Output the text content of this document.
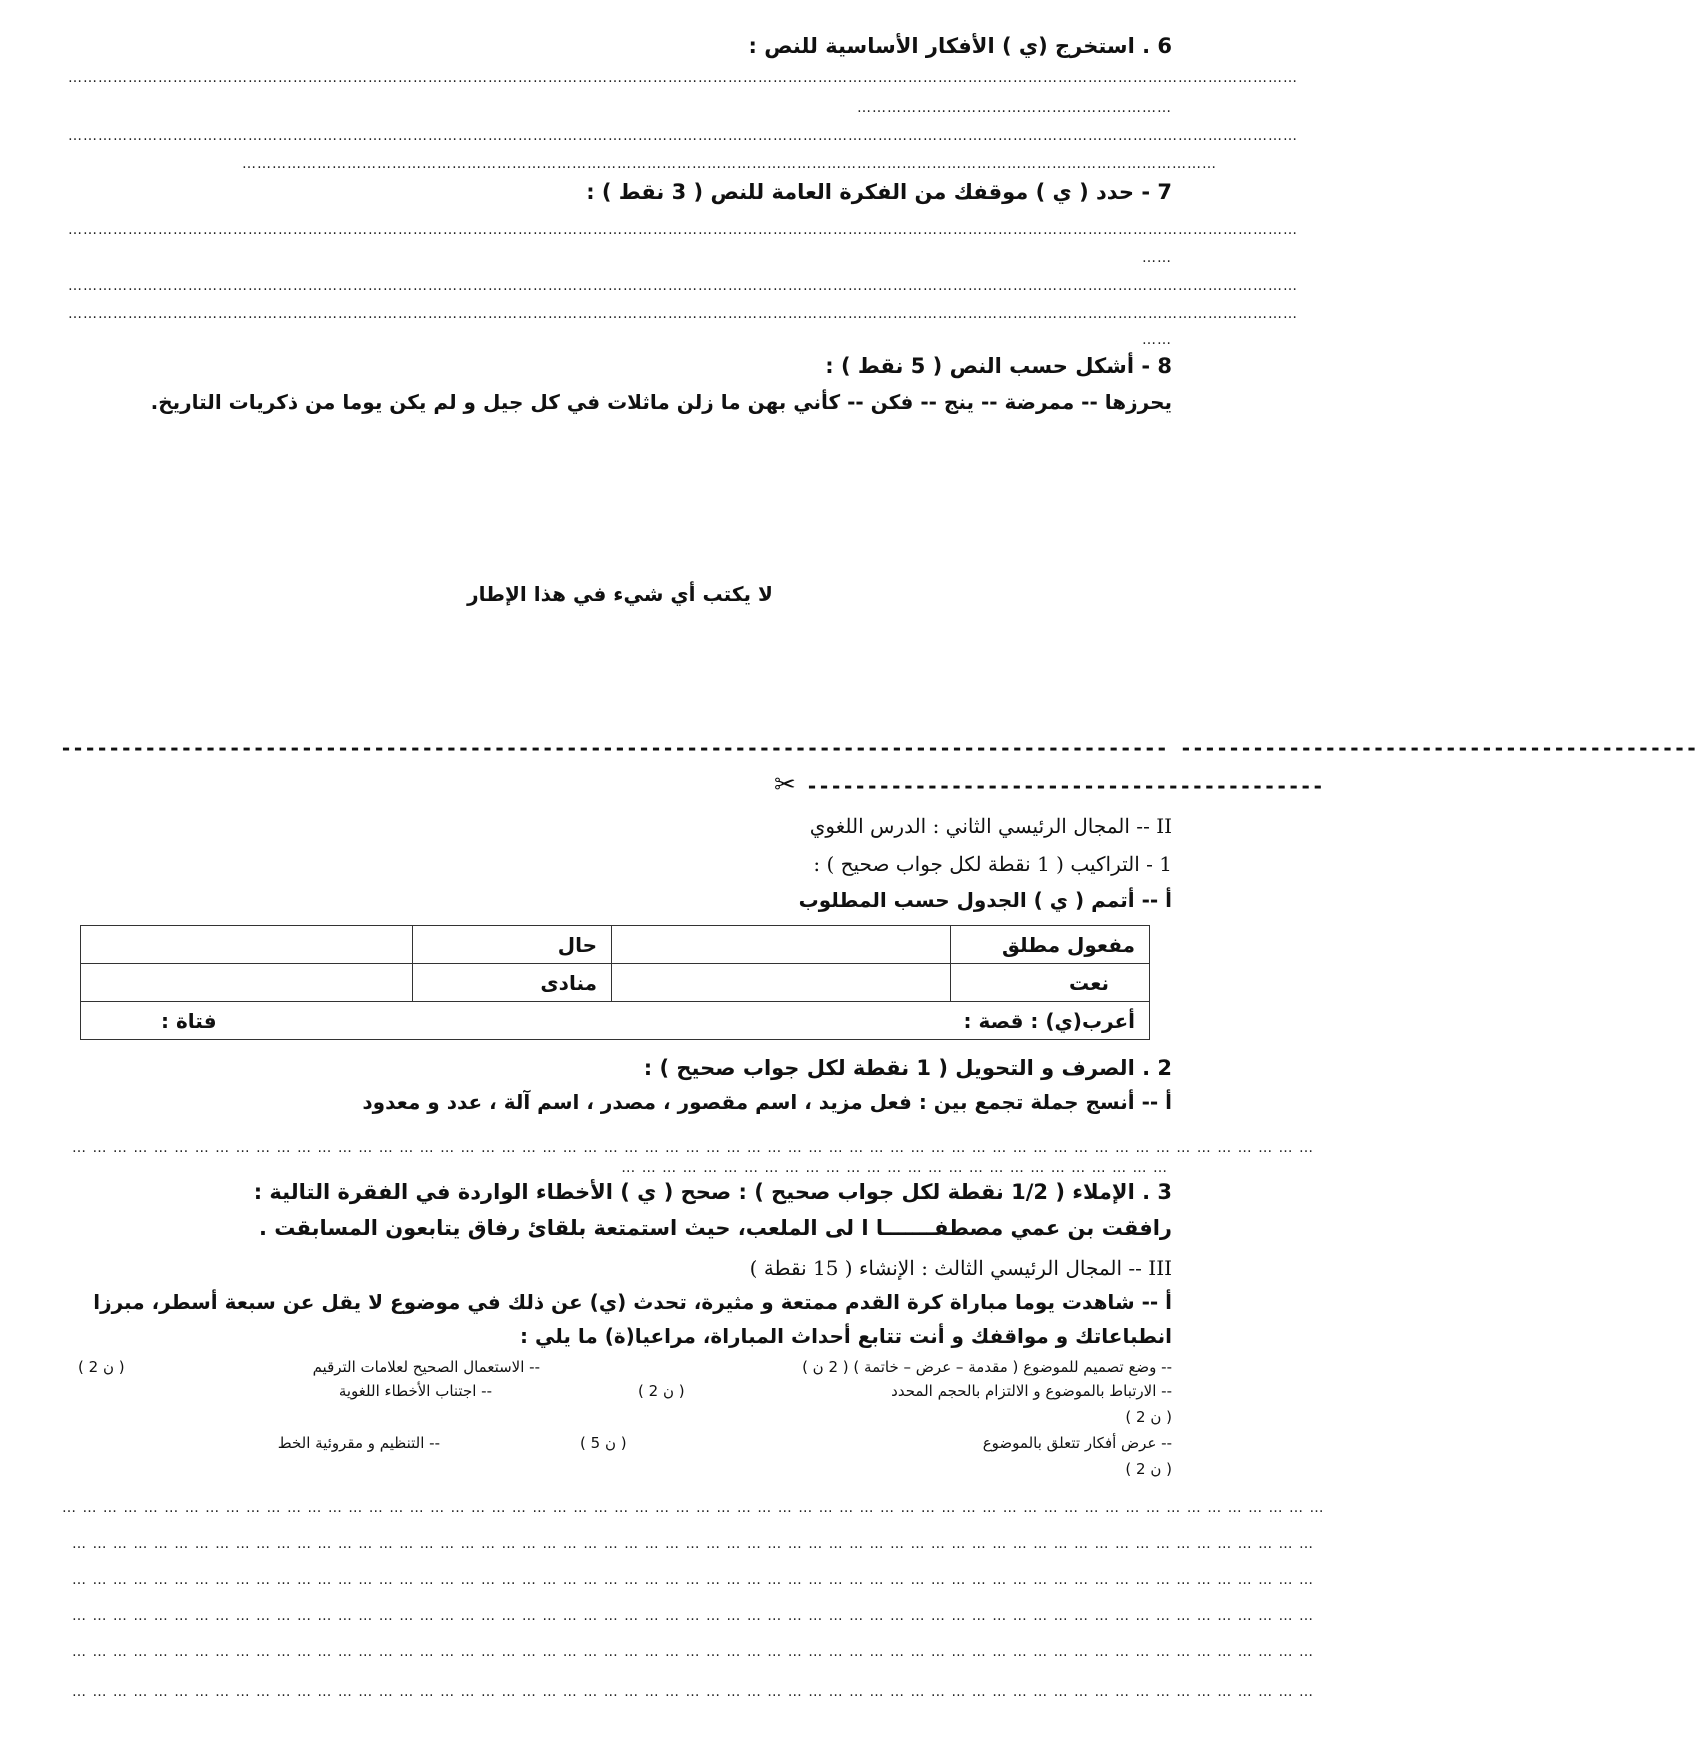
6 . استخرج (ي ) الأفكار الأساسية للنص :
…………………………………………………………………………………………………………………………………………………………………………………………………………………………
………………………………………………………
…………………………………………………………………………………………………………………………………………………………………………………………………………………………
……………………………………………………………………………………………………………………………………………………………………………
7 - حدد ( ي ) موقفك من الفكرة العامة للنص ( 3 نقط ) :
…………………………………………………………………………………………………………………………………………………………………………………………………………………………
……
…………………………………………………………………………………………………………………………………………………………………………………………………………………………
…………………………………………………………………………………………………………………………………………………………………………………………………………………………
……
8 - أشكل حسب النص ( 5 نقط ) :
يحرزها -- ممرضة -- ينج -- فكن -- كأني بهن ما زلن ماثلات في كل جيل و لم يكن يوما من ذكريات التاريخ.
لا يكتب أي شيء في هذا الإطار
-------------------------------------------------------------------------------------------- -------------------------------------------
✂ -------------------------------------------
II -- المجال الرئيسي الثاني : الدرس اللغوي
1 - التراكيب ( 1 نقطة لكل جواب صحيح ) :
أ -- أتمم ( ي ) الجدول حسب المطلوب
مفعول مطلق		حال	
نعت		منادى	
أعرب(ي) : قصة :
فتاة :			
2 . الصرف و التحويل ( 1 نقطة لكل جواب صحيح ) :
أ -- أنسج جملة تجمع بين : فعل مزيد ، اسم مقصور ، مصدر ، اسم آلة ، عدد و معدود
… … … … … … … … … … … … … … … … … … … … … … … … … … … … … … … … … … … … … … … … … … … … … … … … … … … … … … … … … … … … …
… … … … … … … … … … … … … … … … … … … … … … … … … … …
3 . الإملاء ( 1/2 نقطة لكل جواب صحيح ) : صحح ( ي ) الأخطاء الواردة في الفقرة التالية :
رافقت بن عمي مصطفـــــــا ا لى الملعب، حيث استمتعة بلقائ رفاق يتابعون المسابقت .
III -- المجال الرئيسي الثالث : الإنشاء ( 15 نقطة )
أ -- شاهدت يوما مباراة كرة القدم ممتعة و مثيرة، تحدث (ي) عن ذلك في موضوع لا يقل عن سبعة أسطر، مبرزا
انطباعاتك و مواقفك و أنت تتابع أحداث المباراة، مراعيا(ة) ما يلي :
-- وضع تصميم للموضوع ( مقدمة – عرض – خاتمة ) ( 2 ن )
-- الاستعمال الصحيح لعلامات الترقيم
( 2 ن )
-- الارتباط بالموضوع و الالتزام بالحجم المحدد
( 2 ن )
-- اجتناب الأخطاء اللغوية
( 2 ن )
-- عرض أفكار تتعلق بالموضوع
( 5 ن )
-- التنظيم و مقروئية الخط
( 2 ن )
… … … … … … … … … … … … … … … … … … … … … … … … … … … … … … … … … … … … … … … … … … … … … … … … … … … … … … … … … … … … … …
… … … … … … … … … … … … … … … … … … … … … … … … … … … … … … … … … … … … … … … … … … … … … … … … … … … … … … … … … … … … …
… … … … … … … … … … … … … … … … … … … … … … … … … … … … … … … … … … … … … … … … … … … … … … … … … … … … … … … … … … … … …
… … … … … … … … … … … … … … … … … … … … … … … … … … … … … … … … … … … … … … … … … … … … … … … … … … … … … … … … … … … … …
… … … … … … … … … … … … … … … … … … … … … … … … … … … … … … … … … … … … … … … … … … … … … … … … … … … … … … … … … … … … …
… … … … … … … … … … … … … … … … … … … … … … … … … … … … … … … … … … … … … … … … … … … … … … … … … … … … … … … … … … … … …
